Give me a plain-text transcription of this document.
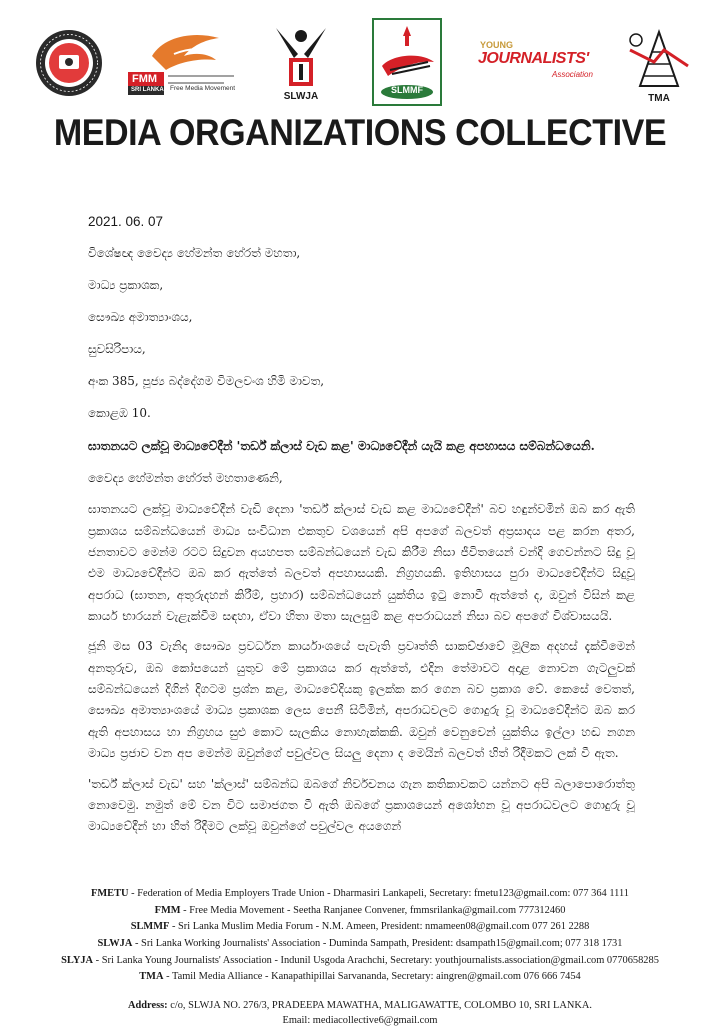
FMM
SRI LANKA Free Media Movement
SLWJA
SLMMF
YOUNG
JOURNALISTS'
Association
TMA
MEDIA ORGANIZATIONS COLLECTIVE
2021. 06. 07
විශේෂඥ වෛද්‍ය හේමන්ත හේරත් මහතා,
මාධ්‍ය ප්‍රකාශක,
සෞඛ්‍ය අමාත්‍යාංශය,
සුවසිරිපාය,
අංක 385, පූජ්‍ය බද්දේගම විමලවංශ හිමි මාවත,
කොළඹ 10.
ඝාතනයට ලක්වූ මාධ්‍යවේදීන් 'තර්ඩ් ක්ලාස් වැඩ කළ' මාධ්‍යවේදීන් යැයි කළ අපහාසය සම්බන්ධයෙනි.
වෛද්‍ය හේමන්ත හේරත් මහතාණෙනි,
ඝාතනයට ලක්වූ මාධ්‍යවේදීන් වැඩි දෙනා 'තර්ඩ් ක්ලාස් වැඩ කළ මාධ්‍යවේදීන්' බව හඳුන්වමින් ඔබ කර ඇති ප්‍රකාශය සම්බන්ධයෙන් මාධ්‍ය සංවිධාන එකතුව වශයෙන් අපි අපගේ බලවත් අප්‍රසාදය පළ කරන අතර, ජනතාවට මෙන්ම රටට සිදුවන අයහපත සම්බන්ධයෙන් වැඩ කිරීම නිසා ජීවිතයෙන් වන්දි ගෙවන්නට සිදු වූ එම මාධ්‍යවේදීන්ට ඔබ කර ඇත්තේ බලවත් අපහාසයකි. නිග්‍රහයකි. ඉතිහාසය පුරා මාධ්‍යවේදීන්ට සිදුවූ අපරාධ (ඝාතන, අතුරුදහන් කිරීම්, ප්‍රහාර) සම්බන්ධයෙන් යුක්තිය ඉටු නොවී ඇත්තේ ද, ඔවුන් විසින් කළ කාර්ය භාරයන් වැළැක්වීම සඳහා, ඒවා හිතා මතා සැලසුම් කළ අපරාධයන් නිසා බව අපගේ විශ්වාසයයි.
ජූනි මස 03 වැනිදා සෞඛ්‍ය ප්‍රවර්ධන කාර්යාංශයේ පැවැති ප්‍රවෘත්ති සාකච්ඡාවේ මූලික අදහස් දැක්වීමෙන් අනතුරුව, ඔබ කෝපයෙන් යුතුව මේ ප්‍රකාශය කර ඇත්තේ, එදින තේමාවට අදාළ නොවන ගැටලුවක් සම්බන්ධයෙන් දිගින් දිගටම ප්‍රශ්න කළ, මාධ්‍යවේදියකු ඉලක්ක කර ගෙන බව ප්‍රකාශ වේ. කෙසේ වෙතත්, සෞඛ්‍ය අමාත්‍යාංශයේ මාධ්‍ය ප්‍රකාශක ලෙස පෙනී සිටිමින්, අපරාධවලට ගොදුරු වූ මාධ්‍යවේදීන්ට ඔබ කර ඇති අපහාසය හා නිග්‍රහය සුළු කොට සැලකිය නොහැක්කකි. ඔවුන් වෙනුවෙන් යුක්තිය ඉල්ලා හඬ නගන මාධ්‍ය ප්‍රජාව වන අප මෙන්ම ඔවුන්ගේ පවුල්වල සියලු දෙනා ද මෙයින් බලවත් හිත් රිදීමකට ලක් වී ඇත.
'තර්ඩ් ක්ලාස් වැඩ' සහ 'ක්ලාස්' සම්බන්ධ ඔබගේ නිර්වචනය ගැන කතිකාවකට යන්නට අපි බලාපොරොත්තු නොවෙමු. නමුත් මේ වන විට සමාජගත වී ඇති ඔබගේ ප්‍රකාශයෙන් අශෝභන වූ අපරාධවලට ගොදුරු වූ මාධ්‍යවේදීන් හා හිත් රිදීමට ලක්වූ ඔවුන්ගේ පවුල්වල අයගෙන්
FMETU - Federation of Media Employers Trade Union - Dharmasiri Lankapeli, Secretary: fmetu123@gmail.com: 077 364 1111
FMM - Free Media Movement - Seetha Ranjanee Convener, fmmsrilanka@gmail.com 777312460
SLMMF - Sri Lanka Muslim Media Forum - N.M. Ameen, President: nmameen08@gmail.com 077 261 2288
SLWJA - Sri Lanka Working Journalists' Association - Duminda Sampath, President: dsampath15@gmail.com; 077 318 1731
SLYJA - Sri Lanka Young Journalists' Association - Indunil Usgoda Arachchi, Secretary: youthjournalists.association@gmail.com 0770658285
TMA - Tamil Media Alliance - Kanapathipillai Sarvananda, Secretary: aingren@gmail.com 076 666 7454
Address: c/o, SLWJA NO. 276/3, PRADEEPA MAWATHA, MALIGAWATTE, COLOMBO 10, SRI LANKA.
Email: mediacollective6@gmail.com
